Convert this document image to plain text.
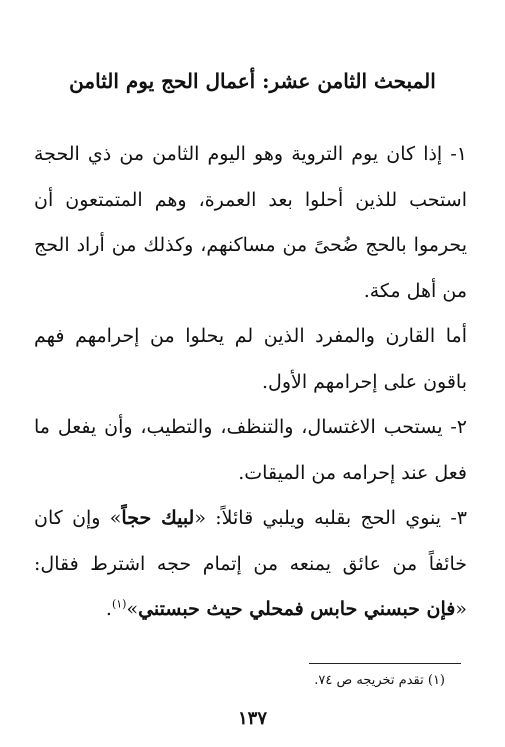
المبحث الثامن عشر: أعمال الحج يوم الثامن

١- إذا كان يوم التروية وهو اليوم الثامن من ذي الحجة استحب للذين أحلوا بعد العمرة، وهم المتمتعون أن يحرموا بالحج ضُحىً من مساكنهم، وكذلك من أراد الحج من أهل مكة.

أما القارن والمفرد الذين لم يحلوا من إحرامهم فهم باقون على إحرامهم الأول.

٢- يستحب الاغتسال، والتنظف، والتطيب، وأن يفعل ما فعل عند إحرامه من الميقات.

٣- ينوي الحج بقلبه ويلبي قائلاً: «لبيك حجاً» وإن كان خائفاً من عائق يمنعه من إتمام حجه اشترط فقال: «فإن حبسني حابس فمحلي حيث حبستني»$^{(١)}$.

(١) تقدم تخريجه ص ٧٤.
١٣٧
